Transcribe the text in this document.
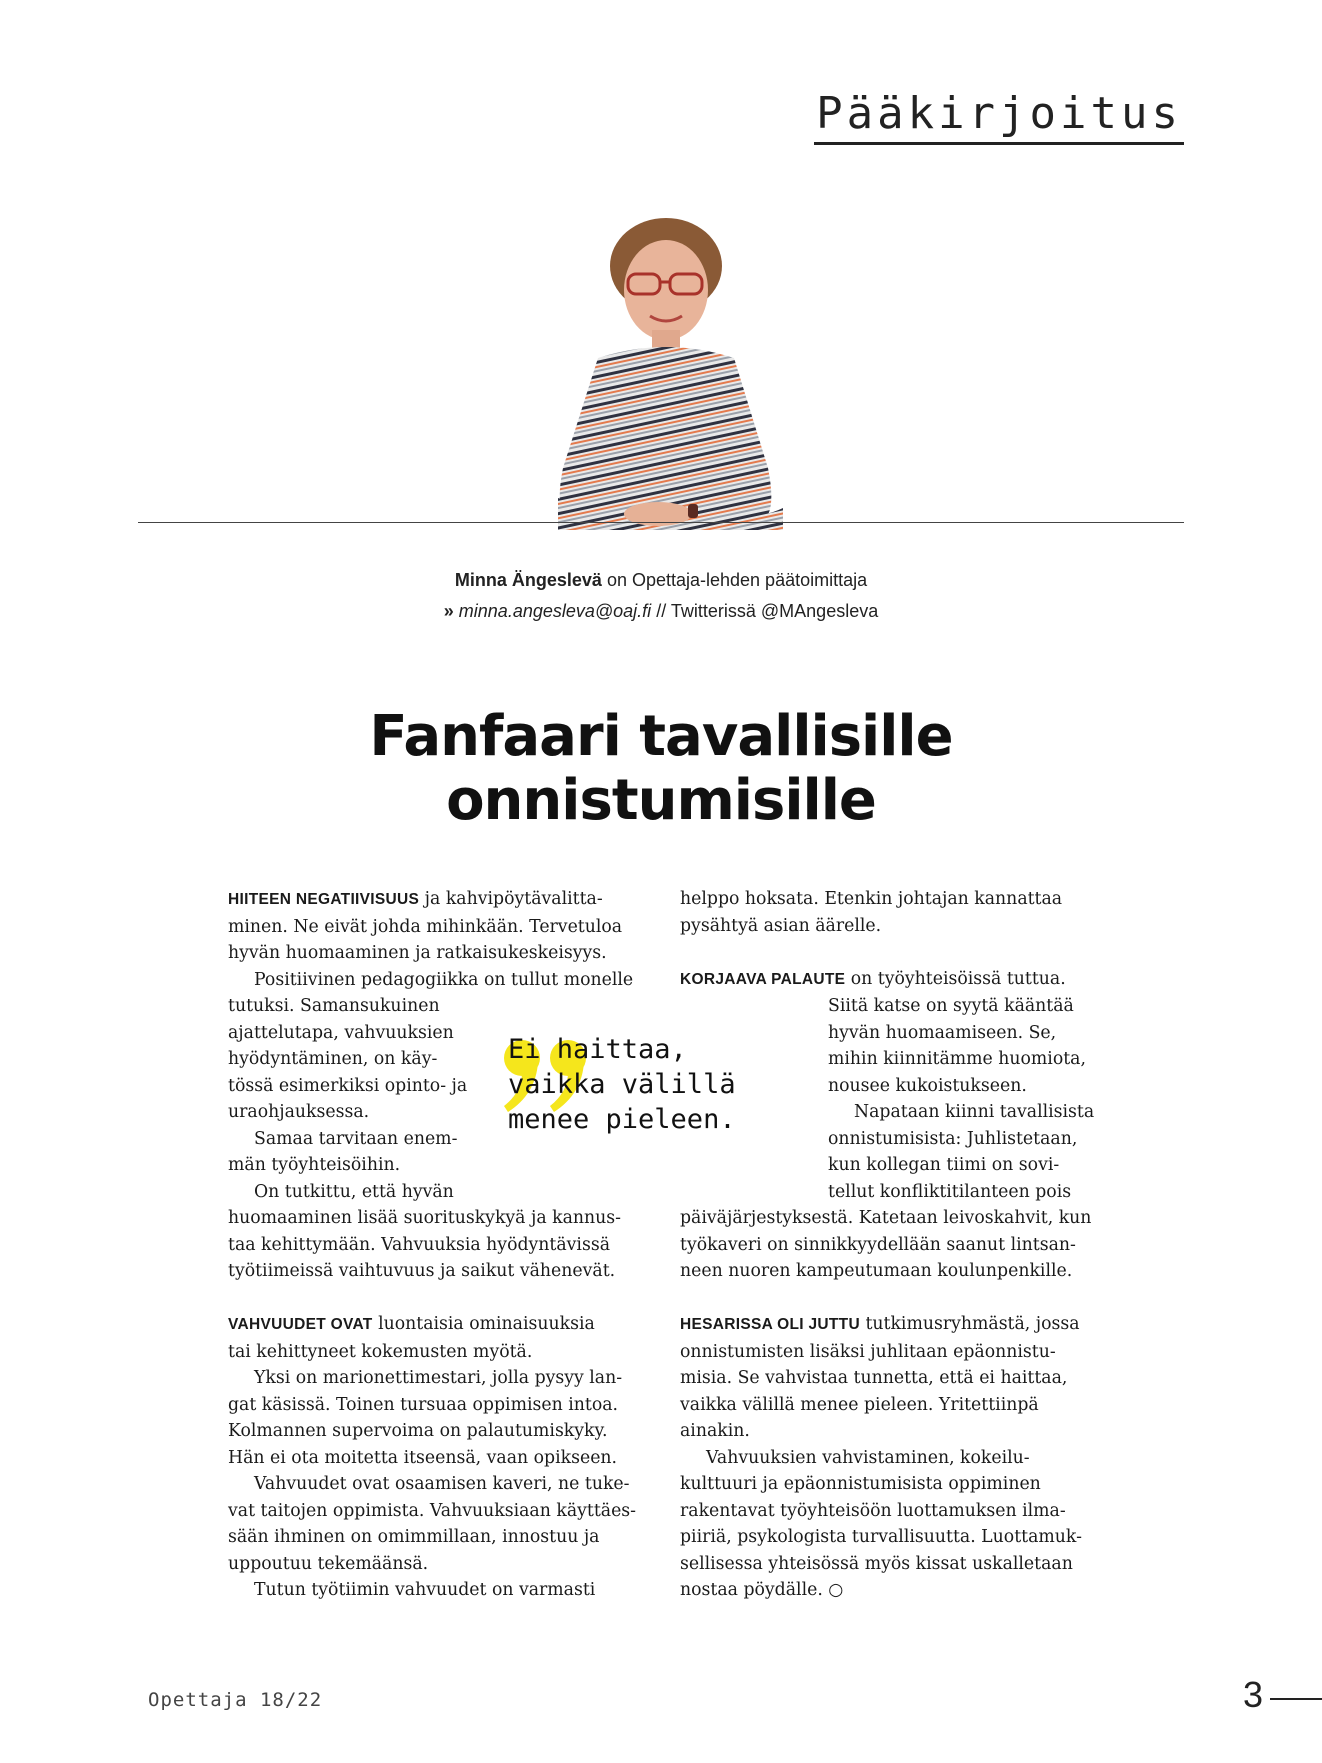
Pääkirjoitus
Minna Ängeslevä on Opettaja-lehden päätoimittaja
» minna.angesleva@oaj.fi // Twitterissä @MAngesleva
Fanfaari tavallisille
onnistumisille

HIITEEN NEGATIIVISUUS ja kahvipöytävalitta-
minen. Ne eivät johda mihinkään. Tervetuloa
hyvän huomaaminen ja ratkaisukeskeisyys.

Positiivinen pedagogiikka on tullut monelle

tutuksi. Samansukuinen
ajattelutapa, vahvuuksien
hyödyntäminen, on käy-
tössä esimerkiksi opinto- ja
uraohjauksessa.

Samaa tarvitaan enem-

män työyhteisöihin.

On tutkittu, että hyvän

huomaaminen lisää suorituskykyä ja kannus-
taa kehittymään. Vahvuuksia hyödyntävissä
työtiimeissä vaihtuvuus ja saikut vähenevät.

VAHVUUDET OVAT luontaisia ominaisuuksia
tai kehittyneet kokemusten myötä.

Yksi on marionettimestari, jolla pysyy lan-

gat käsissä. Toinen tursuaa oppimisen intoa.
Kolmannen supervoima on palautumiskyky.
Hän ei ota moitetta itseensä, vaan opikseen.

Vahvuudet ovat osaamisen kaveri, ne tuke-

vat taitojen oppimista. Vahvuuksiaan käyttäes-
sään ihminen on omimmillaan, innostuu ja
uppoutuu tekemäänsä.

Tutun työtiimin vahvuudet on varmasti

helppo hoksata. Etenkin johtajan kannattaa
pysähtyä asian äärelle.

KORJAAVA PALAUTE on työyhteisöissä tuttua.

Siitä katse on syytä kääntää
hyvän huomaamiseen. Se,
mihin kiinnitämme huomiota,
nousee kukoistukseen.

Napataan kiinni tavallisista

onnistumisista: Juhlistetaan,
kun kollegan tiimi on sovi-
tellut konfliktitilanteen pois

päiväjärjestyksestä. Katetaan leivoskahvit, kun
työkaveri on sinnikkyydellään saanut lintsan-
neen nuoren kampeutumaan koulunpenkille.

HESARISSA OLI JUTTU tutkimusryhmästä, jossa
onnistumisten lisäksi juhlitaan epäonnistu-
misia. Se vahvistaa tunnetta, että ei haittaa,
vaikka välillä menee pieleen. Yritettiinpä
ainakin.

Vahvuuksien vahvistaminen, kokeilu-

kulttuuri ja epäonnistumisista oppiminen
rakentavat työyhteisöön luottamuksen ilma-
piiriä, psykologista turvallisuutta. Luottamuk-
sellisessa yhteisössä myös kissat uskalletaan
nostaa pöydälle. ○

Ei haittaa,
vaikka välillä
menee pieleen.
Opettaja 18/22	3
